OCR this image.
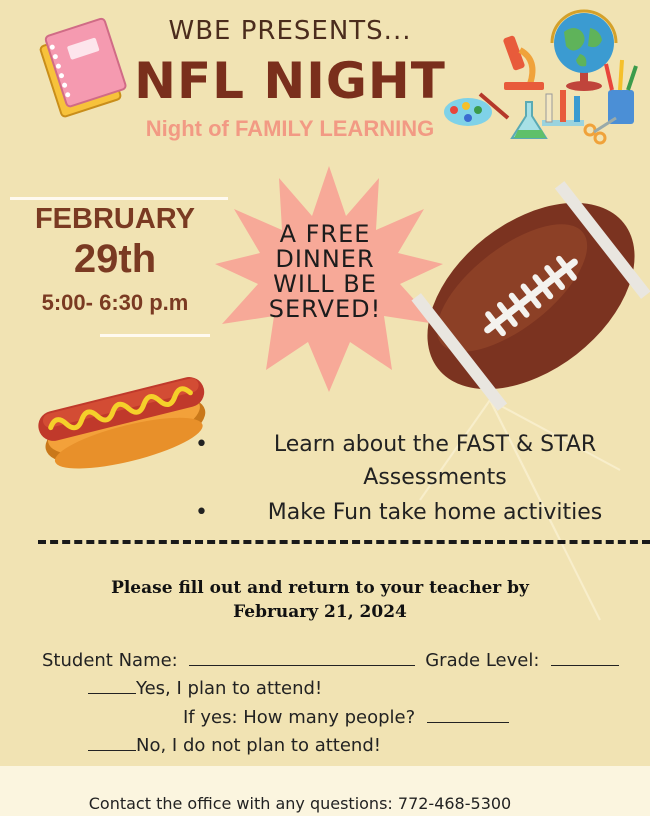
WBE PRESENTS...
NFL NIGHT
Night of FAMILY LEARNING
FEBRUARY
29th
5:00- 6:30 p.m
A FREE
DINNER
WILL BE
SERVED!
• Learn about the FAST & STAR Assessments
• Make Fun take home activities
Please fill out and return to your teacher by
February 21, 2024
Student Name:	Grade Level:
Yes, I plan to attend!
If yes: How many people?
No, I do not plan to attend!
Contact the office with any questions: 772-468-5300
